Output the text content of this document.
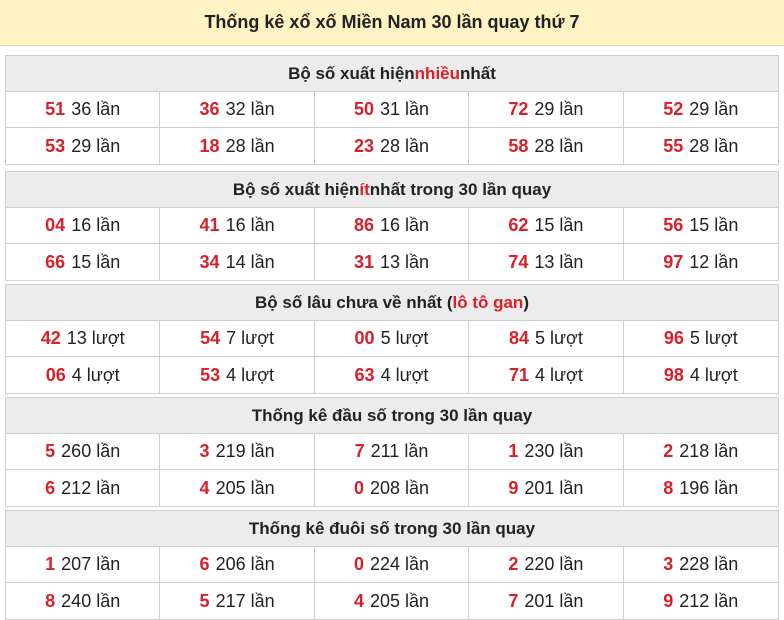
Thống kê xổ xố Miền Nam 30 lần quay thứ 7
Bộ số xuất hiện nhiều nhất
51 36 lần	36 32 lần	50 31 lần	72 29 lần	52 29 lần
53 29 lần	18 28 lần	23 28 lần	58 28 lần	55 28 lần
Bộ số xuất hiện ít nhất trong 30 lần quay
04 16 lần	41 16 lần	86 16 lần	62 15 lần	56 15 lần
66 15 lần	34 14 lần	31 13 lần	74 13 lần	97 12 lần
Bộ số lâu chưa về nhất ( lô tô gan )
42 13 lượt	54 7 lượt	00 5 lượt	84 5 lượt	96 5 lượt
06 4 lượt	53 4 lượt	63 4 lượt	71 4 lượt	98 4 lượt
Thống kê đầu số trong 30 lần quay
5 260 lần	3 219 lần	7 211 lần	1 230 lần	2 218 lần
6 212 lần	4 205 lần	0 208 lần	9 201 lần	8 196 lần
Thống kê đuôi số trong 30 lần quay
1 207 lần	6 206 lần	0 224 lần	2 220 lần	3 228 lần
8 240 lần	5 217 lần	4 205 lần	7 201 lần	9 212 lần
